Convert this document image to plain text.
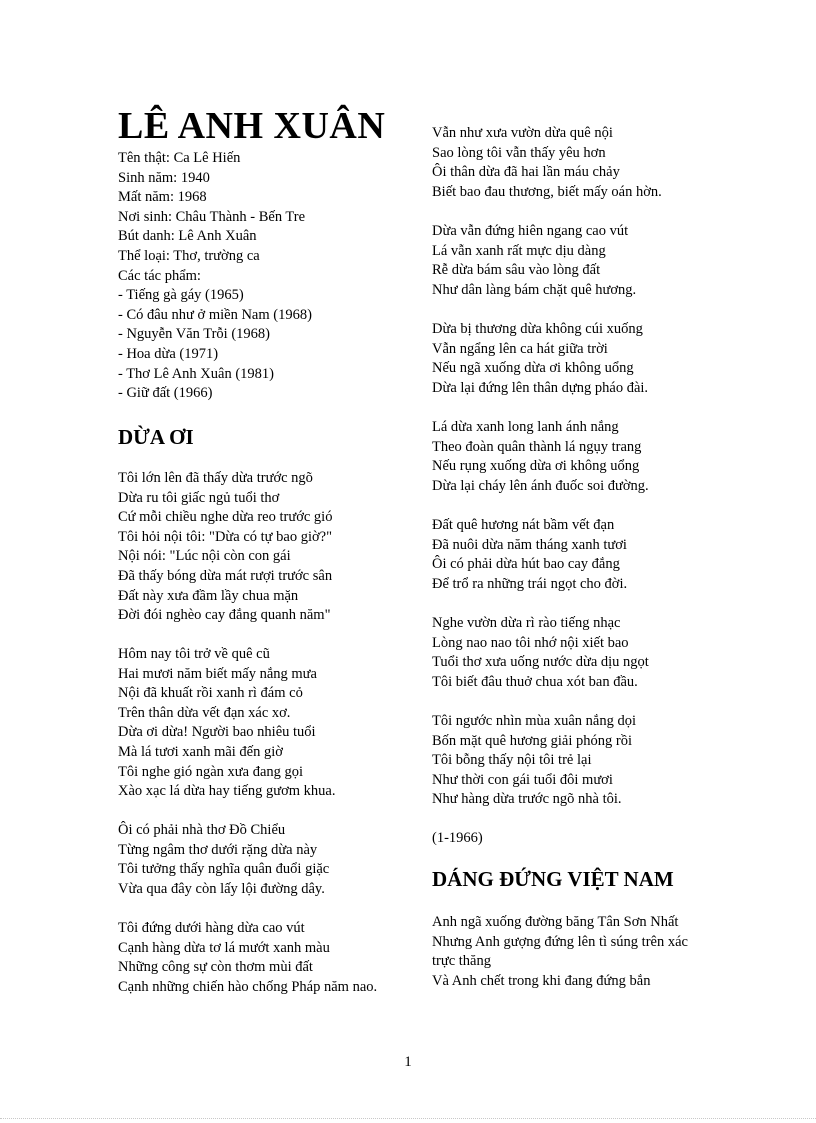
LÊ ANH XUÂN
Tên thật: Ca Lê Hiến
Sinh năm: 1940
Mất năm: 1968
Nơi sinh: Châu Thành - Bến Tre
Bút danh: Lê Anh Xuân
Thể loại: Thơ, trường ca
Các tác phẩm:
- Tiếng gà gáy (1965)
- Có đâu như ở miền Nam (1968)
- Nguyễn Văn Trỗi (1968)
- Hoa dừa (1971)
- Thơ Lê Anh Xuân (1981)
- Giữ đất (1966)
DỪA ƠI
Tôi lớn lên đã thấy dừa trước ngõ
Dừa ru tôi giấc ngủ tuổi thơ
Cứ mỗi chiều nghe dừa reo trước gió
Tôi hỏi nội tôi: "Dừa có tự bao giờ?"
Nội nói: "Lúc nội còn con gái
Đã thấy bóng dừa mát rượi trước sân
Đất này xưa đầm lầy chua mặn
Đời đói nghèo cay đắng quanh năm"
Hôm nay tôi trở về quê cũ
Hai mươi năm biết mấy nắng mưa
Nội đã khuất rồi xanh rì đám cỏ
Trên thân dừa vết đạn xác xơ.
Dừa ơi dừa! Người bao nhiêu tuổi
Mà lá tươi xanh mãi đến giờ
Tôi nghe gió ngàn xưa đang gọi
Xào xạc lá dừa hay tiếng gươm khua.
Ôi có phải nhà thơ Đồ Chiểu
Từng ngâm thơ dưới rặng dừa này
Tôi tưởng thấy nghĩa quân đuổi giặc
Vừa qua đây còn lấy lội đường dây.
Tôi đứng dưới hàng dừa cao vút
Cạnh hàng dừa tơ lá mướt xanh màu
Những công sự còn thơm mùi đất
Cạnh những chiến hào chống Pháp năm nao.
Vẫn như xưa vườn dừa quê nội
Sao lòng tôi vẫn thấy yêu hơn
Ôi thân dừa đã hai lần máu chảy
Biết bao đau thương, biết mấy oán hờn.
Dừa vẫn đứng hiên ngang cao vút
Lá vẫn xanh rất mực dịu dàng
Rễ dừa bám sâu vào lòng đất
Như dân làng bám chặt quê hương.
Dừa bị thương dừa không cúi xuống
Vẫn ngẩng lên ca hát giữa trời
Nếu ngã xuống dừa ơi không uổng
Dừa lại đứng lên thân dựng pháo đài.
Lá dừa xanh long lanh ánh nắng
Theo đoàn quân thành lá ngụy trang
Nếu rụng xuống dừa ơi không uổng
Dừa lại cháy lên ánh đuốc soi đường.
Đất quê hương nát bầm vết đạn
Đã nuôi dừa năm tháng xanh tươi
Ôi có phải dừa hút bao cay đắng
Để trổ ra những trái ngọt cho đời.
Nghe vườn dừa rì rào tiếng nhạc
Lòng nao nao tôi nhớ nội xiết bao
Tuổi thơ xưa uống nước dừa dịu ngọt
Tôi biết đâu thuở chua xót ban đầu.
Tôi ngước nhìn mùa xuân nắng dọi
Bốn mặt quê hương giải phóng rồi
Tôi bỗng thấy nội tôi trẻ lại
Như thời con gái tuổi đôi mươi
Như hàng dừa trước ngõ nhà tôi.
(1-1966)
DÁNG ĐỨNG VIỆT NAM
Anh ngã xuống đường băng Tân Sơn Nhất
Nhưng Anh gượng đứng lên tì súng trên xác trực thăng
Và Anh chết trong khi đang đứng bắn
1
